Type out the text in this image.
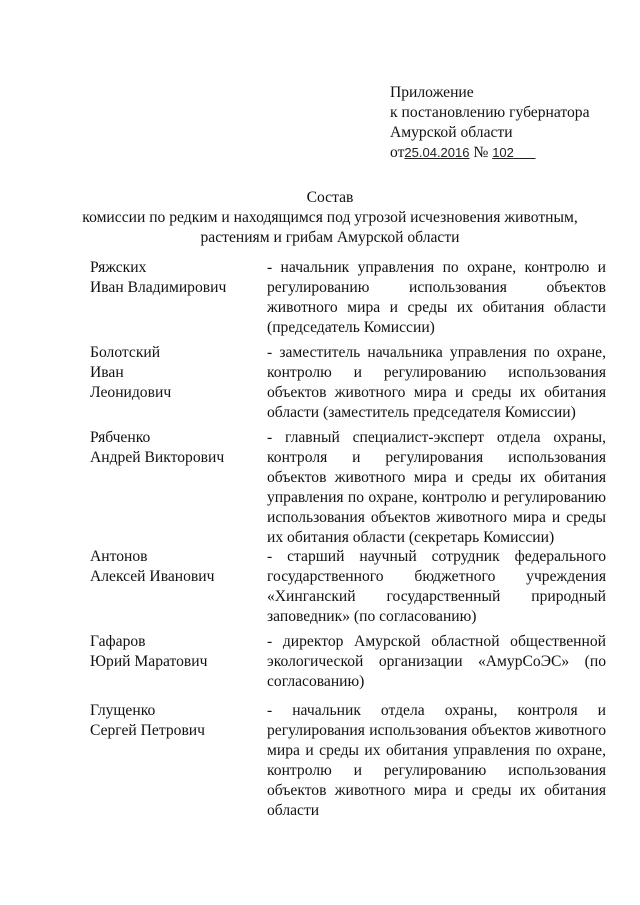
Приложение
к постановлению губернатора
Амурской области
от25.04.2016 № 102
Состав
комиссии по редким и находящимся под угрозой исчезновения животным,
растениям и грибам Амурской области
Ряжских
Иван Владимирович
- начальник управления по охране, контролю и регулированию использования объектов животного мира и среды их обитания области (председатель Комиссии)
Болотский
Иван
Леонидович
- заместитель начальника управления по охране, контролю и регулированию использования объектов животного мира и среды их обитания области (заместитель председателя Комиссии)
Рябченко
Андрей Викторович
- главный специалист-эксперт отдела охраны, контроля и регулирования использования объектов животного мира и среды их обитания управления по охране, контролю и регулированию использования объектов животного мира и среды их обитания области (секретарь Комиссии)
Антонов
Алексей Иванович
- старший научный сотрудник федерального государственного бюджетного учреждения «Хинганский государственный природный заповедник» (по согласованию)
Гафаров
Юрий Маратович
- директор Амурской областной общественной экологической организации «АмурСоЭС» (по согласованию)
Глущенко
Сергей Петрович
- начальник отдела охраны, контроля и регулирования использования объектов животного мира и среды их обитания управления по охране, контролю и регулированию использования объектов животного мира и среды их обитания области
